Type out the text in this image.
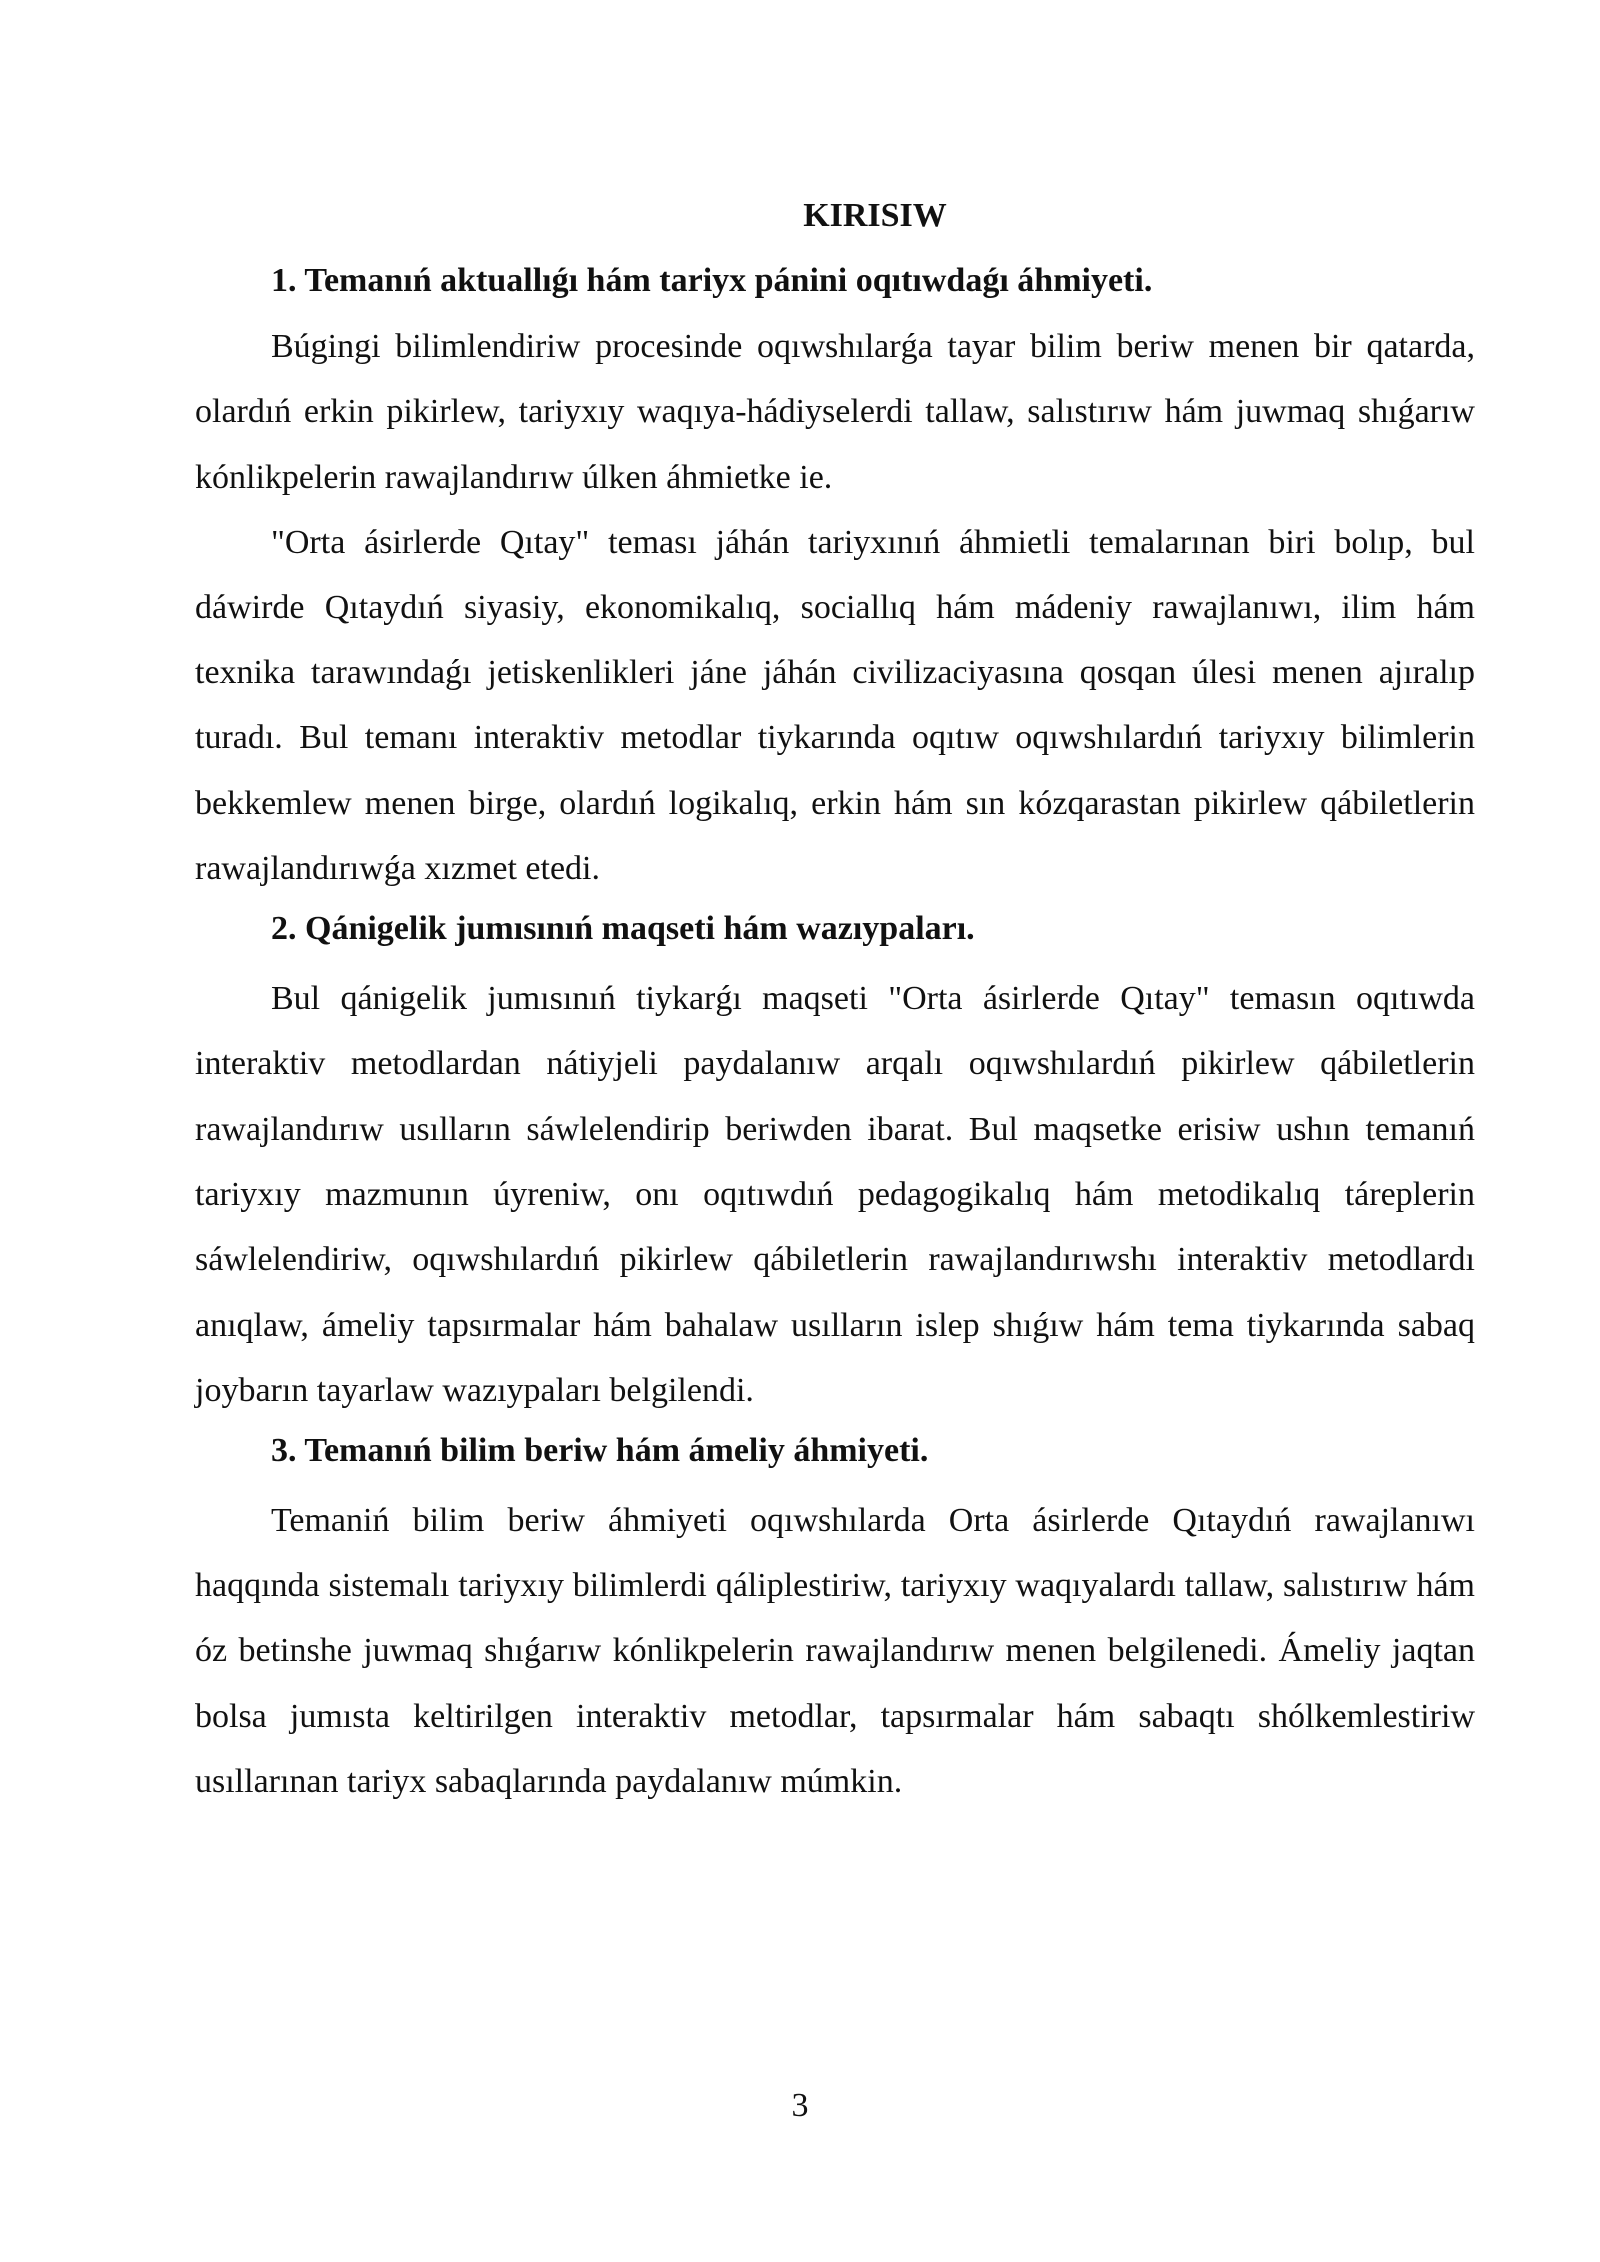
KIRISIW
1. Temanıń aktuallıǵı hám tariyx pánini oqıtıwdaǵı áhmiyeti.

Búgingi bilimlendiriw procesinde oqıwshılarǵa tayar bilim beriw menen bir qatarda, olardıń erkin pikirlew, tariyxıy waqıya-hádiyselerdi tallaw, salıstırıw hám juwmaq shıǵarıw kónlikpelerin rawajlandırıw úlken áhmietke ie.

"Orta ásirlerde Qıtay" teması jáhán tariyxınıń áhmietli temalarınan biri bolıp, bul dáwirde Qıtaydıń siyasiy, ekonomikalıq, sociallıq hám mádeniy rawajlanıwı, ilim hám texnika tarawındaǵı jetiskenlikleri jáne jáhán civilizaciyasına qosqan úlesi menen ajıralıp turadı. Bul temanı interaktiv metodlar tiykarında oqıtıw oqıwshılardıń tariyxıy bilimlerin bekkemlew menen birge, olardıń logikalıq, erkin hám sın kózqarastan pikirlew qábiletlerin rawajlandırıwǵa xızmet etedi.

2. Qánigelik jumısınıń maqseti hám wazıypaları.

Bul qánigelik jumısınıń tiykarǵı maqseti "Orta ásirlerde Qıtay" temasın oqıtıwda interaktiv metodlardan nátiyjeli paydalanıw arqalı oqıwshılardıń pikirlew qábiletlerin rawajlandırıw usılların sáwlelendirip beriwden ibarat. Bul maqsetke erisiw ushın temanıń tariyxıy mazmunın úyreniw, onı oqıtıwdıń pedagogikalıq hám metodikalıq táreplerin sáwlelendiriw, oqıwshılardıń pikirlew qábiletlerin rawajlandırıwshı interaktiv metodlardı anıqlaw, ámeliy tapsırmalar hám bahalaw usılların islep shıǵıw hám tema tiykarında sabaq joybarın tayarlaw wazıypaları belgilendi.

3. Temanıń bilim beriw hám ámeliy áhmiyeti.

Temaniń bilim beriw áhmiyeti oqıwshılarda Orta ásirlerde Qıtaydıń rawajlanıwı haqqında sistemalı tariyxıy bilimlerdi qáliplestiriw, tariyxıy waqıyalardı tallaw, salıstırıw hám óz betinshe juwmaq shıǵarıw kónlikpelerin rawajlandırıw menen belgilenedi. Ámeliy jaqtan bolsa jumısta keltirilgen interaktiv metodlar, tapsırmalar hám sabaqtı shólkemlestiriw usıllarınan tariyx sabaqlarında paydalanıw múmkin.

3
